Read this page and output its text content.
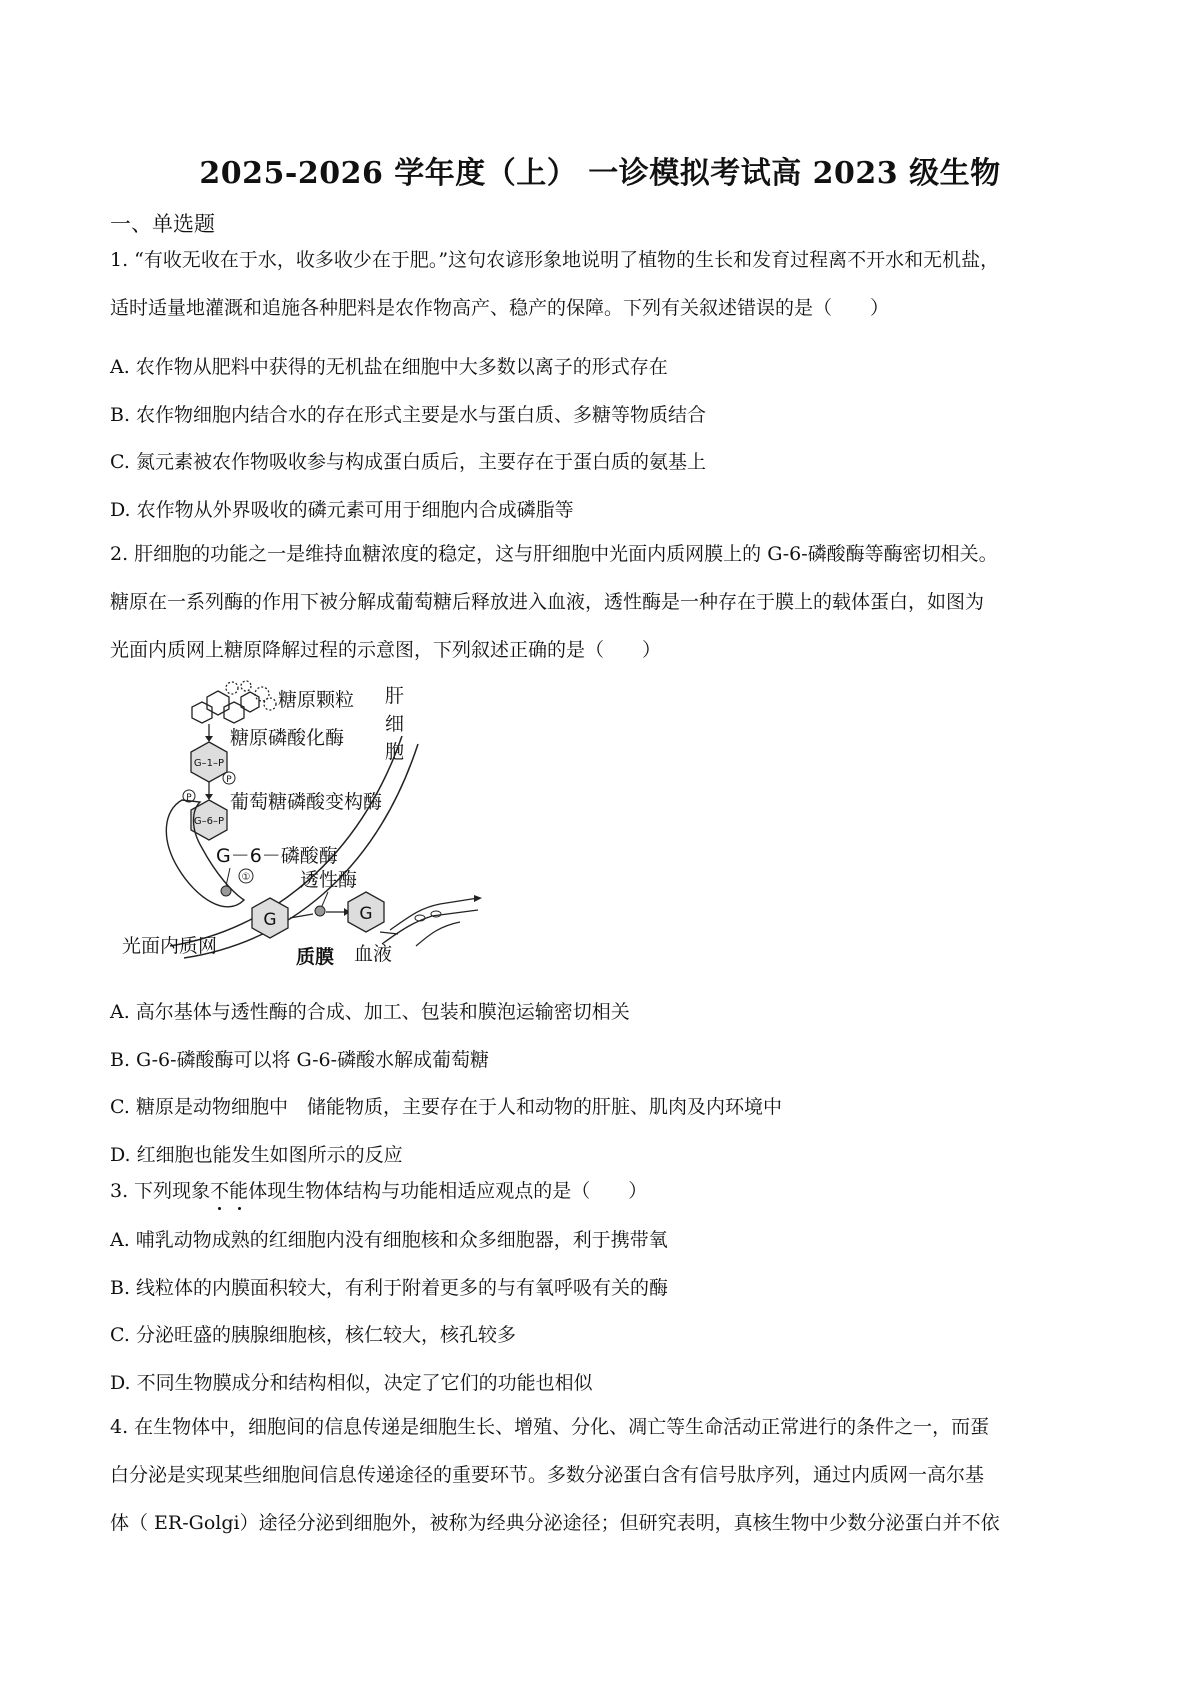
2025-2026 学年度（上） 一诊模拟考试高 2023 级生物
一、单选题
1. “有收无收在于水，收多收少在于肥。”这句农谚形象地说明了植物的生长和发育过程离不开水和无机盐，
适时适量地灌溉和追施各种肥料是农作物高产、稳产的保障。下列有关叙述错误的是（　　）
A. 农作物从肥料中获得的无机盐在细胞中大多数以离子的形式存在
B. 农作物细胞内结合水的存在形式主要是水与蛋白质、多糖等物质结合
C. 氮元素被农作物吸收参与构成蛋白质后，主要存在于蛋白质的氨基上
D. 农作物从外界吸收的磷元素可用于细胞内合成磷脂等
2. 肝细胞的功能之一是维持血糖浓度的稳定，这与肝细胞中光面内质网膜上的 G-6-磷酸酶等酶密切相关。
糖原在一系列酶的作用下被分解成葡萄糖后释放进入血液，透性酶是一种存在于膜上的载体蛋白，如图为
光面内质网上糖原降解过程的示意图，下列叙述正确的是（　　）
糖原颗粒
G–1–P
P
糖原磷酸化酶
P
G–6–P
葡萄糖磷酸变构酶
肝
细
胞
G－6－磷酸酶
①	透性酶
G	G
光面内质网	质膜 血液
A. 高尔基体与透性酶的合成、加工、包装和膜泡运输密切相关
B. G-6-磷酸酶可以将 G-6-磷酸水解成葡萄糖
C. 糖原是动物细胞中　储能物质，主要存在于人和动物的肝脏、肌肉及内环境中
D. 红细胞也能发生如图所示的反应
3. 下列现象不能
体现生物体结构与功能相适应观点的是（　　）
A. 哺乳动物成熟的红细胞内没有细胞核和众多细胞器，利于携带氧
B. 线粒体的内膜面积较大，有利于附着更多的与有氧呼吸有关的酶
C. 分泌旺盛的胰腺细胞核，核仁较大，核孔较多
D. 不同生物膜成分和结构相似，决定了它们的功能也相似
4. 在生物体中，细胞间的信息传递是细胞生长、增殖、分化、凋亡等生命活动正常进行的条件之一，而蛋
白分泌是实现某些细胞间信息传递途径的重要环节。多数分泌蛋白含有信号肽序列，通过内质网一高尔基
体（ ER-Golgi）途径分泌到细胞外，被称为经典分泌途径；但研究表明，真核生物中少数分泌蛋白并不依
